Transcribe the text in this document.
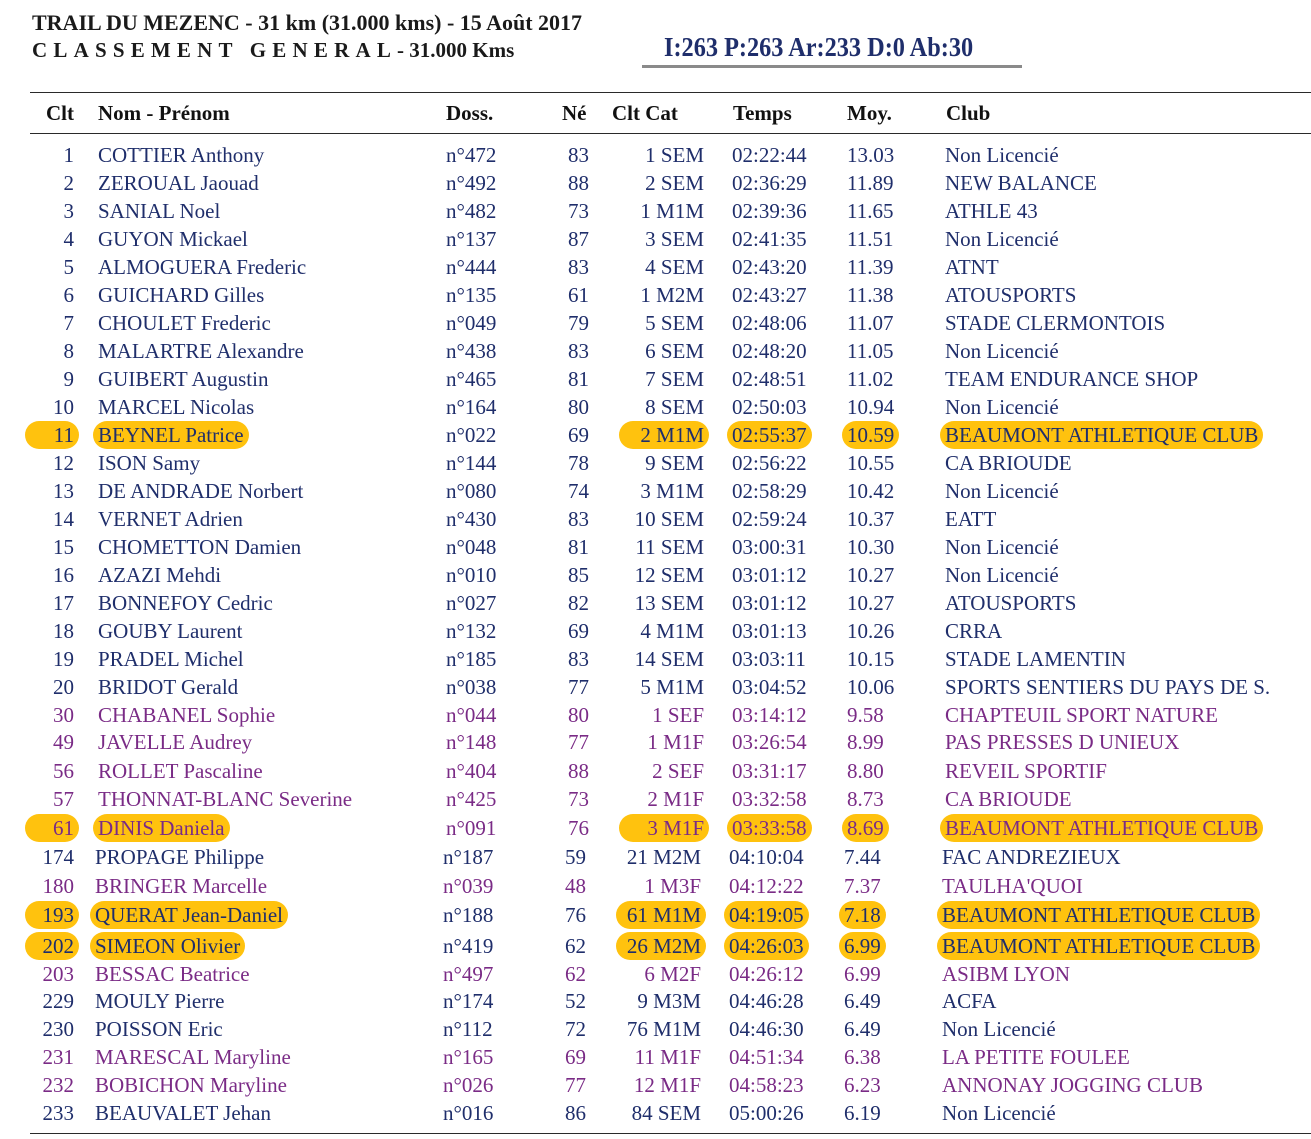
TRAIL DU MEZENC - 31 km (31.000 kms) - 15 Août 2017
CLASSEMENT GENERAL- 31.000 Kms	I:263 P:263 Ar:233 D:0 Ab:30
Clt Nom - Prénom	Doss.	Né Clt Cat	Temps	Moy.	Club
1 COTTIER Anthony	n°472	83	1 SEM 02:22:44 13.03 Non Licencié
2 ZEROUAL Jaouad	n°492	88	2 SEM 02:36:29 11.89 NEW BALANCE
3 SANIAL Noel	n°482	73	1 M1M 02:39:36 11.65 ATHLE 43
4 GUYON Mickael	n°137	87	3 SEM 02:41:35 11.51 Non Licencié
5 ALMOGUERA Frederic	n°444	83	4 SEM 02:43:20 11.39 ATNT
6 GUICHARD Gilles	n°135	61	1 M2M 02:43:27 11.38 ATOUSPORTS
7 CHOULET Frederic	n°049	79	5 SEM 02:48:06 11.07 STADE CLERMONTOIS
8 MALARTRE Alexandre	n°438	83	6 SEM 02:48:20 11.05 Non Licencié
9 GUIBERT Augustin	n°465	81	7 SEM 02:48:51 11.02 TEAM ENDURANCE SHOP
10 MARCEL Nicolas	n°164	80	8 SEM 02:50:03 10.94 Non Licencié
11 BEYNEL Patrice	n°022	69	2 M1M 02:55:37 10.59 BEAUMONT ATHLETIQUE CLUB
12 ISON Samy	n°144	78	9 SEM 02:56:22 10.55 CA BRIOUDE
13 DE ANDRADE Norbert	n°080	74	3 M1M 02:58:29 10.42 Non Licencié
14 VERNET Adrien	n°430	83	10 SEM 02:59:24 10.37 EATT
15 CHOMETTON Damien	n°048	81	11 SEM 03:00:31 10.30 Non Licencié
16 AZAZI Mehdi	n°010	85	12 SEM 03:01:12 10.27 Non Licencié
17 BONNEFOY Cedric	n°027	82	13 SEM 03:01:12 10.27 ATOUSPORTS
18 GOUBY Laurent	n°132	69	4 M1M 03:01:13 10.26 CRRA
19 PRADEL Michel	n°185	83	14 SEM 03:03:11 10.15 STADE LAMENTIN
20 BRIDOT Gerald	n°038	77	5 M1M 03:04:52 10.06 SPORTS SENTIERS DU PAYS DE S.
30 CHABANEL Sophie	n°044	80	1 SEF 03:14:12 9.58	CHAPTEUIL SPORT NATURE
49 JAVELLE Audrey	n°148	77	1 M1F 03:26:54 8.99	PAS PRESSES D UNIEUX
56 ROLLET Pascaline	n°404	88	2 SEF 03:31:17 8.80	REVEIL SPORTIF
57 THONNAT-BLANC Severine	n°425	73	2 M1F 03:32:58 8.73	CA BRIOUDE
61 DINIS Daniela	n°091	76	3 M1F 03:33:58 8.69	BEAUMONT ATHLETIQUE CLUB
174 PROPAGE Philippe	n°187	59 21 M2M 04:10:04 7.44	FAC ANDREZIEUX
180 BRINGER Marcelle	n°039	48	1 M3F 04:12:22 7.37	TAULHA'QUOI
193 QUERAT Jean-Daniel	n°188	76	61 M1M 04:19:05 7.18	BEAUMONT ATHLETIQUE CLUB
202 SIMEON Olivier	n°419	62	26 M2M 04:26:03 6.99	BEAUMONT ATHLETIQUE CLUB
203 BESSAC Beatrice	n°497	62	6 M2F 04:26:12 6.99	ASIBM LYON
229 MOULY Pierre	n°174	52	9 M3M 04:46:28 6.49	ACFA
230 POISSON Eric	n°112	72 76 M1M 04:46:30 6.49	Non Licencié
231 MARESCAL Maryline	n°165	69	11 M1F 04:51:34 6.38	LA PETITE FOULEE
232 BOBICHON Maryline	n°026	77	12 M1F 04:58:23 6.23	ANNONAY JOGGING CLUB
233 BEAUVALET Jehan	n°016	86	84 SEM 05:00:26 6.19	Non Licencié
